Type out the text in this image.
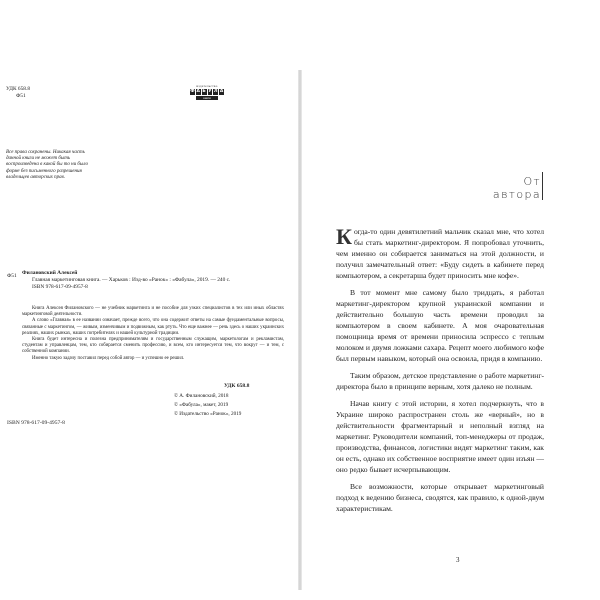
УДК 658.8
Ф51
издательство
Ф А Б У Л А
книги
Все права сохранены. Никакая часть данной книги не может быть воспроизведена в какой бы то ни было форме без письменного разрешения владельцев авторских прав.
Ф51 Филановский Алексей

Главная маркетинговая книга. — Харьков : Изд-во «Ранок» : «Фабула», 2019. — 240 с.

ISBN 978-617-09-4957-8

Книга Алексея Филановского — не учебник маркетинга и не пособие для узких специалистов в тех или иных областях маркетинговой деятельности.

А слово «Главная» в ее названии означает, прежде всего, что она содержит ответы на самые фундаментальные вопросы, связанные с маркетингом, — живым, изменчивым и подвижным, как ртуть. Что еще важнее — речь здесь о наших украинских реалиях, наших рынках, наших потребителях и нашей культурной традиции.

Книга будет интересна и полезна предпринимателям и государственным служащим, маркетологам и рекламистам, студентам и управленцам, тем, кто собирается сменить профессию, и всем, кто интересуется тем, что вокруг — и тем, с собственной компании.

Именно такую задачу поставил перед собой автор — и успешно ее решил.

УДК 658.8
© А. Филановский, 2018
© «Фабула», макет, 2019
© Издательство «Ранок», 2019
ISBN 978-617-09-4957-8
От автора

Когда-то один девятилетний мальчик сказал мне, что хотел бы стать маркетинг-директором. Я попробовал уточнить, чем именно он собирается заниматься на этой должности, и получил замечательный ответ: «Буду сидеть в кабинете перед компьютером, а секретарша будет приносить мне кофе».

В тот момент мне самому было тридцать, я работал маркетинг-директором крупной украинской компании и действительно большую часть времени проводил за компьютером в своем кабинете. А моя очаровательная помощница время от времени приносила эспрессо с теплым молоком и двумя ложками сахара. Рецепт моего любимого кофе был первым навыком, который она освоила, придя в компанию.

Таким образом, детское представление о работе маркетинг-директора было в принципе верным, хотя далеко не полным.

Начав книгу с этой истории, я хотел подчеркнуть, что в Украине широко распространен столь же «верный», но в действительности фрагментарный и неполный взгляд на маркетинг. Руководители компаний, топ-менеджеры от продаж, производства, финансов, логистики видят маркетинг таким, как он есть, однако их собственное восприятие имеет один изъян — оно редко бывает исчерпывающим.

Все возможности, которые открывает маркетинговый подход к ведению бизнеса, сводятся, как правило, к одной-двум характеристикам.

3
